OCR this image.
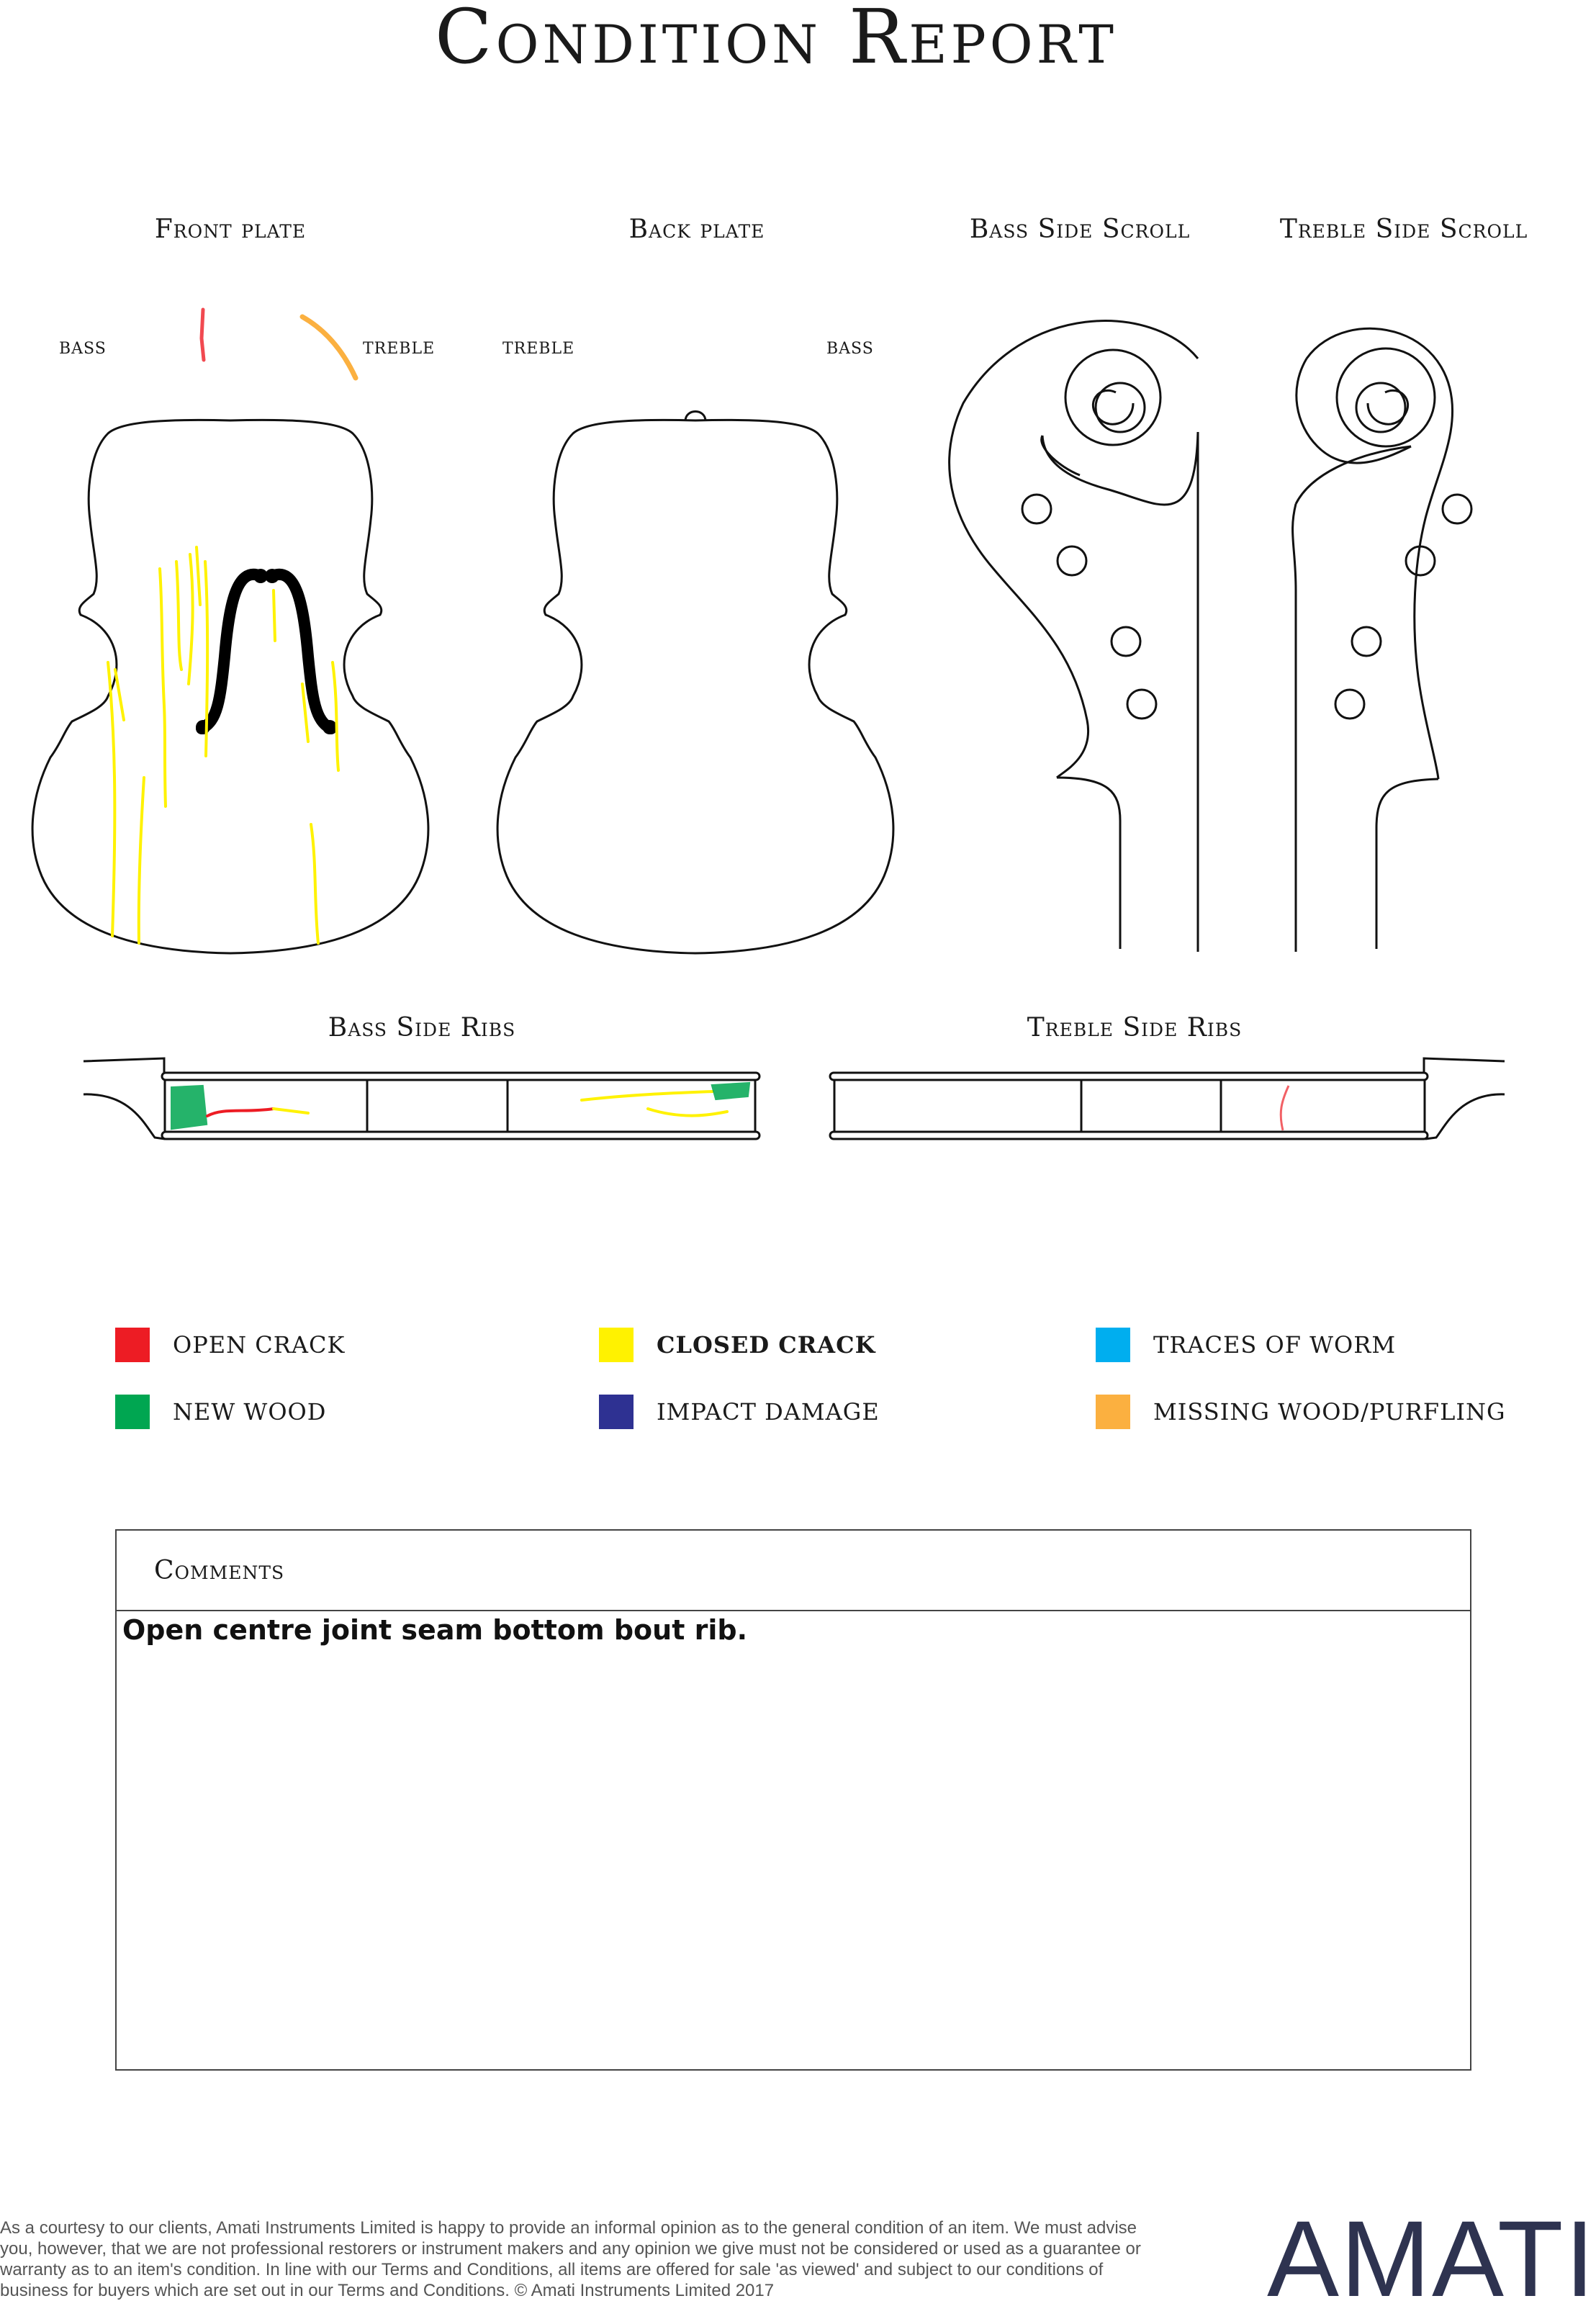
Condition Report
Front plate	Back plate	Bass Side Scroll	Treble Side Scroll
Bass Side Ribs	Treble Side Ribs
BASS	TREBLE	TREBLE	BASS
OPEN CRACK	CLOSED CRACK	TRACES OF WORM
NEW WOOD	IMPACT DAMAGE	MISSING WOOD/PURFLING
Comments
Open centre joint seam bottom bout rib.
As a courtesy to our clients, Amati Instruments Limited is happy to provide an informal opinion as to the general condition of an item. We must advise you, however, that we are not professional restorers or instrument makers and any opinion we give must not be considered or used as a guarantee or warranty as to an item's condition. In line with our Terms and Conditions, all items are offered for sale 'as viewed' and subject to our conditions of business for buyers which are set out in our Terms and Conditions. © Amati Instruments Limited 2017	AMATI
